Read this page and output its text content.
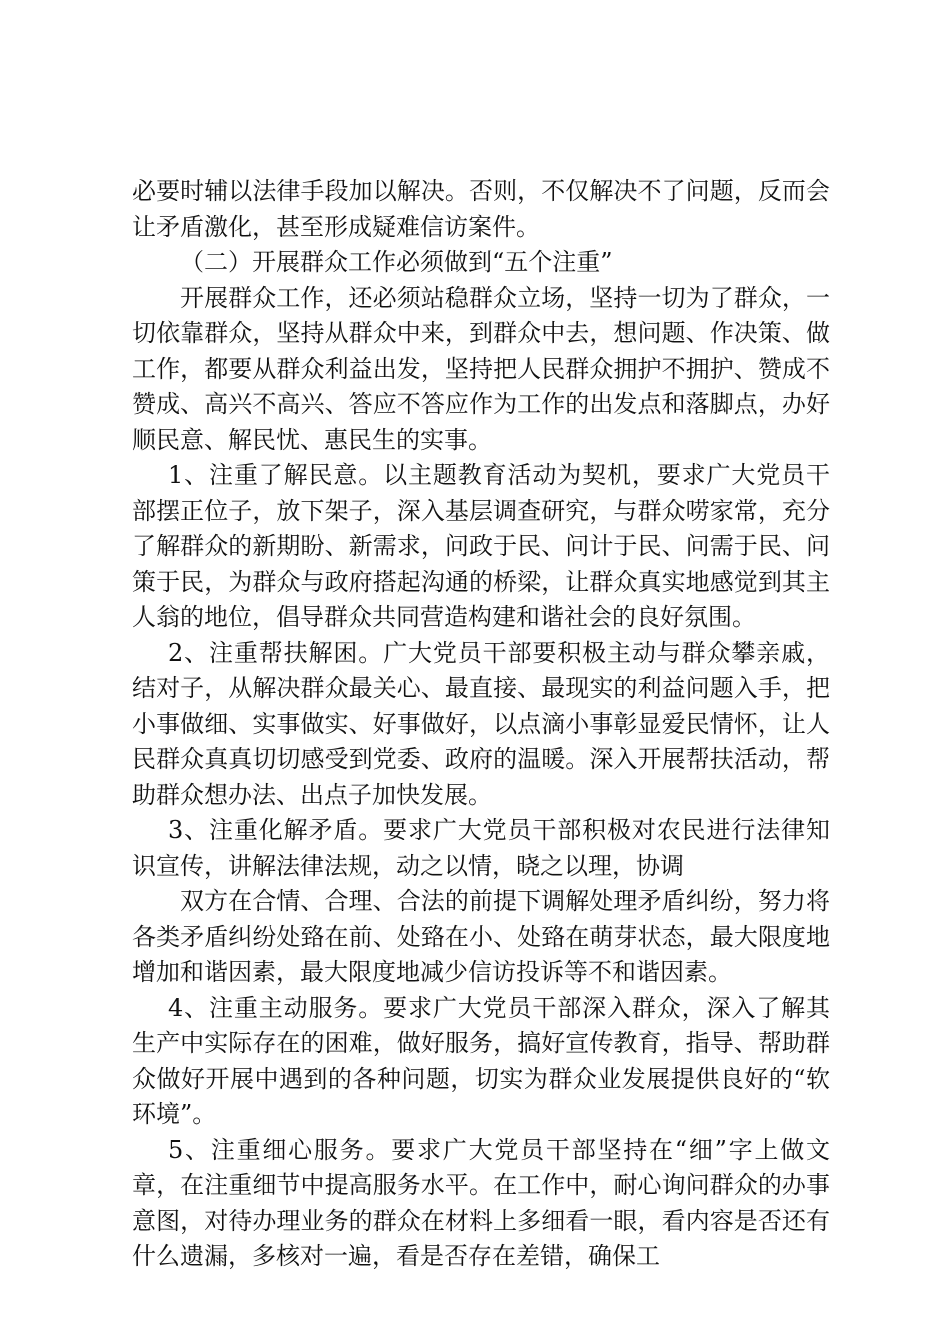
必要时辅以法律手段加以解决。否则，不仅解决不了问题，反而会让矛盾激化，甚至形成疑难信访案件。

（二）开展群众工作必须做到“五个注重”

开展群众工作，还必须站稳群众立场，坚持一切为了群众，一切依靠群众，坚持从群众中来，到群众中去，想问题、作决策、做工作，都要从群众利益出发，坚持把人民群众拥护不拥护、赞成不赞成、高兴不高兴、答应不答应作为工作的出发点和落脚点，办好顺民意、解民忧、惠民生的实事。

1、注重了解民意。以主题教育活动为契机，要求广大党员干部摆正位子，放下架子，深入基层调查研究，与群众唠家常，充分了解群众的新期盼、新需求，问政于民、问计于民、问需于民、问策于民，为群众与政府搭起沟通的桥梁，让群众真实地感觉到其主人翁的地位，倡导群众共同营造构建和谐社会的良好氛围。

2、注重帮扶解困。广大党员干部要积极主动与群众攀亲戚，结对子，从解决群众最关心、最直接、最现实的利益问题入手，把小事做细、实事做实、好事做好，以点滴小事彰显爱民情怀，让人民群众真真切切感受到党委、政府的温暖。深入开展帮扶活动，帮助群众想办法、出点子加快发展。

3、注重化解矛盾。要求广大党员干部积极对农民进行法律知识宣传，讲解法律法规，动之以情，晓之以理，协调

双方在合情、合理、合法的前提下调解处理矛盾纠纷，努力将各类矛盾纠纷处臵在前、处臵在小、处臵在萌芽状态，最大限度地增加和谐因素，最大限度地减少信访投诉等不和谐因素。

4、注重主动服务。要求广大党员干部深入群众，深入了解其生产中实际存在的困难，做好服务，搞好宣传教育，指导、帮助群众做好开展中遇到的各种问题，切实为群众业发展提供良好的“软环境”。

5、注重细心服务。要求广大党员干部坚持在“细”字上做文章，在注重细节中提高服务水平。在工作中，耐心询问群众的办事意图，对待办理业务的群众在材料上多细看一眼，看内容是否还有什么遗漏，多核对一遍，看是否存在差错，确保工
